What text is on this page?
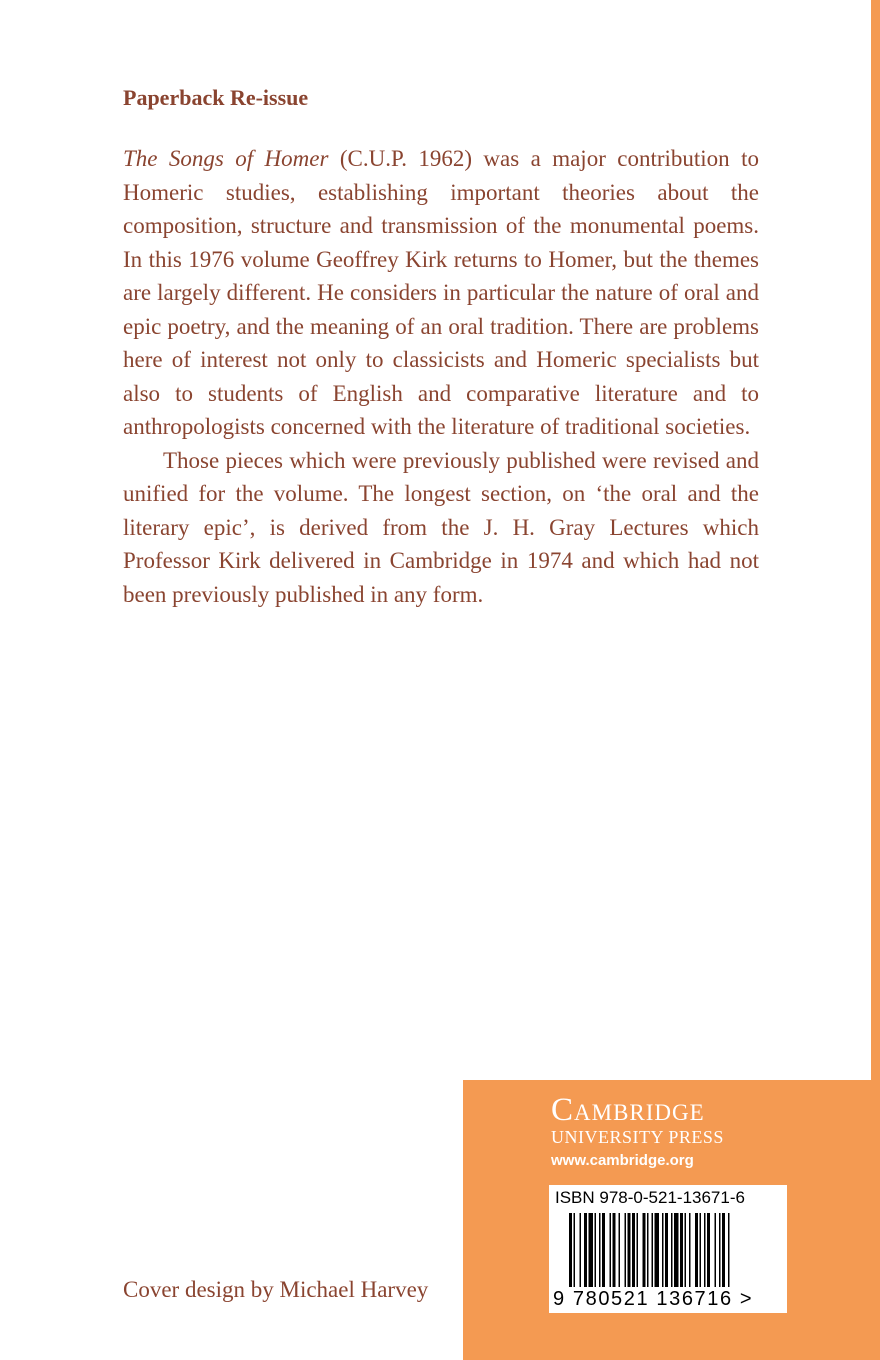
Paperback Re-issue

The Songs of Homer (C.U.P. 1962) was a major contribution to Homeric studies, establishing important theories about the composition, structure and transmission of the monumental poems. In this 1976 volume Geoffrey Kirk returns to Homer, but the themes are largely different. He considers in particular the nature of oral and epic poetry, and the meaning of an oral tradition. There are problems here of interest not only to classicists and Homeric specialists but also to students of English and comparative literature and to anthropologists concerned with the literature of traditional societies.

Those pieces which were previously published were revised and unified for the volume. The longest section, on ‘the oral and the literary epic’, is derived from the J. H. Gray Lectures which Professor Kirk delivered in Cambridge in 1974 and which had not been previously published in any form.

Cover design by Michael Harvey
Cambridge
UNIVERSITY PRESS
www.cambridge.org
ISBN 978-0-521-13671-6
9 780521 136716 >
